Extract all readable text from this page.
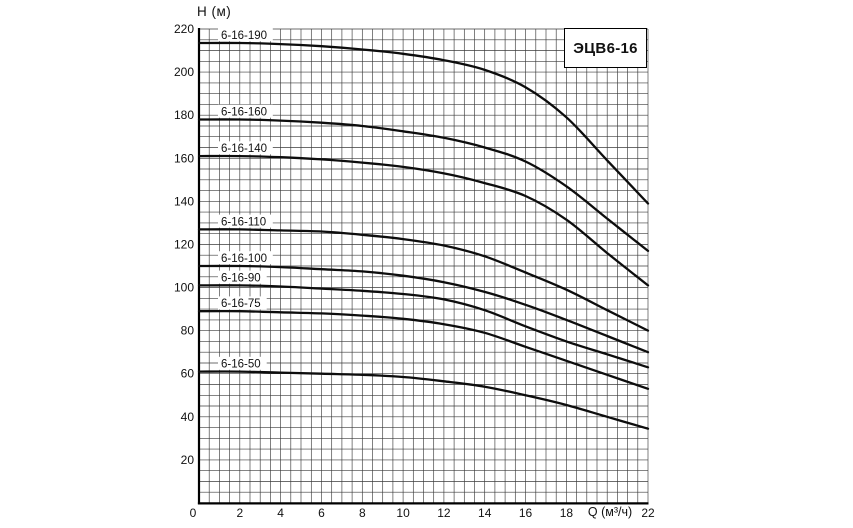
6-16-190
6-16-160
6-16-140
6-16-110
6-16-100
6-16-90
6-16-75
6-16-50
0	2	4	6	8	10 12 14 16 18	22
20
40
60
80
100
120
140
160
180
200
220
H (м)
Q (м³/ч)
ЭЦВ6-16
